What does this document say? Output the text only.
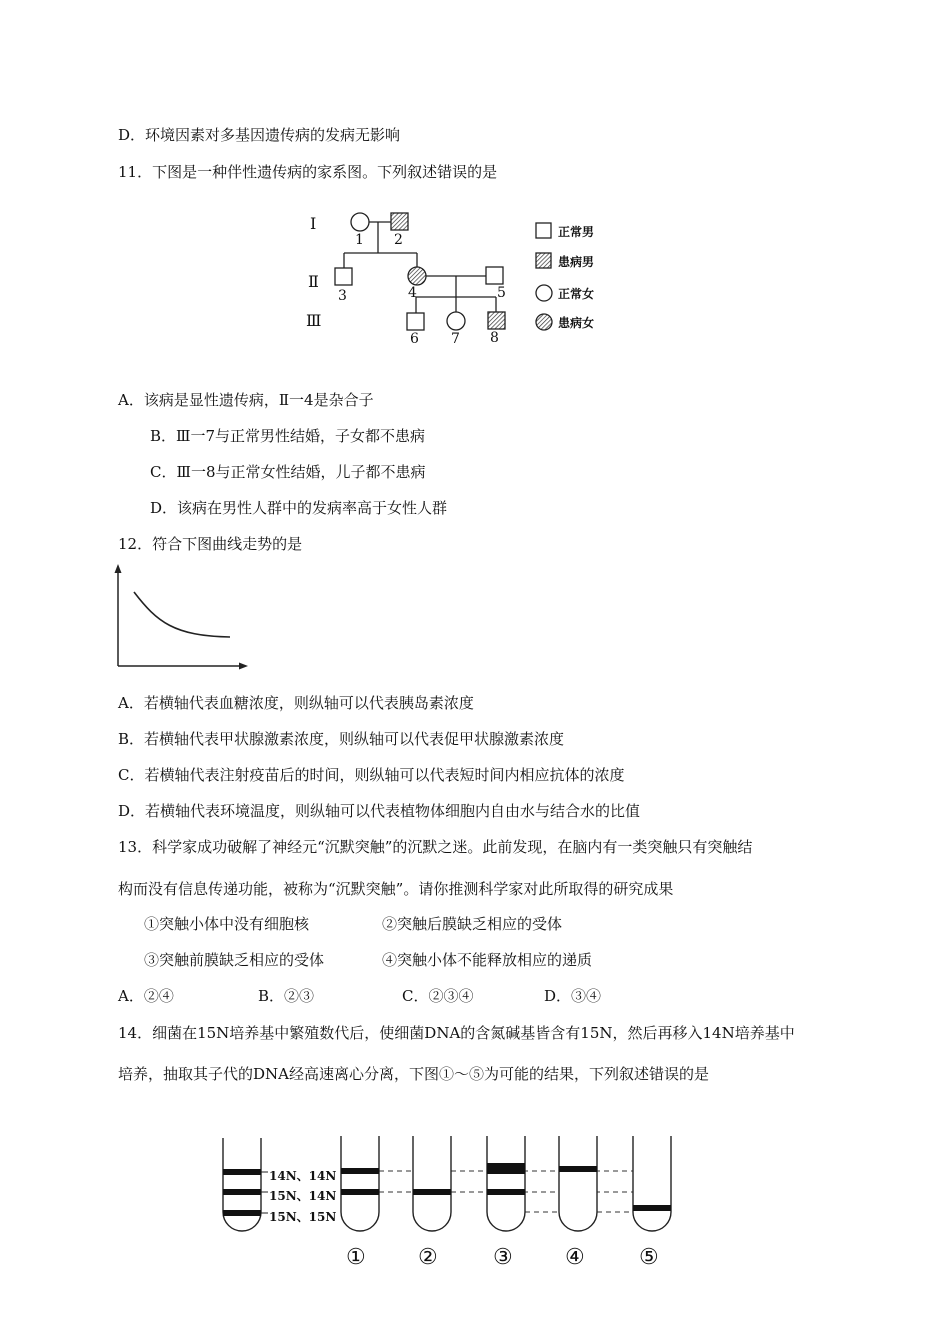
D．环境因素对多基因遗传病的发病无影响
11．下图是一种伴性遗传病的家系图。下列叙述错误的是
Ⅰ
Ⅱ
Ⅲ
1 2
3	4	5
6 7 8
正常男
患病男
正常女
患病女
A．该病是显性遗传病，Ⅱ一4是杂合子
B．Ⅲ一7与正常男性结婚，子女都不患病
C．Ⅲ一8与正常女性结婚，儿子都不患病
D．该病在男性人群中的发病率高于女性人群
12．符合下图曲线走势的是
A．若横轴代表血糖浓度，则纵轴可以代表胰岛素浓度
B．若横轴代表甲状腺激素浓度，则纵轴可以代表促甲状腺激素浓度
C．若横轴代表注射疫苗后的时间，则纵轴可以代表短时间内相应抗体的浓度
D．若横轴代表环境温度，则纵轴可以代表植物体细胞内自由水与结合水的比值
13．科学家成功破解了神经元“沉默突触”的沉默之迷。此前发现，在脑内有一类突触只有突触结
构而没有信息传递功能，被称为“沉默突触”。请你推测科学家对此所取得的研究成果
①突触小体中没有细胞核	②突触后膜缺乏相应的受体
③突触前膜缺乏相应的受体	④突触小体不能释放相应的递质
A．②④	B．②③	C．②③④	D．③④
14．细菌在15N培养基中繁殖数代后，使细菌DNA的含氮碱基皆含有15N，然后再移入14N培养基中
培养，抽取其子代的DNA经高速离心分离，下图①～⑤为可能的结果，下列叙述错误的是
14N、14N
15N、14N
15N、15N
① ②	③ ④ ⑤
